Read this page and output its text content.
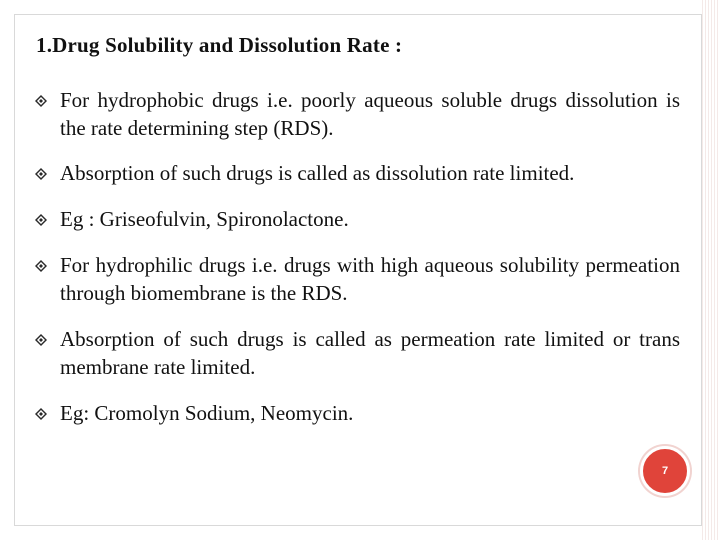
1.Drug Solubility and Dissolution Rate :
For hydrophobic drugs i.e. poorly aqueous soluble drugs dissolution is the rate determining step (RDS).
Absorption of such drugs is called as dissolution rate limited.
Eg : Griseofulvin, Spironolactone.
For hydrophilic drugs i.e. drugs with high aqueous solubility permeation through biomembrane is the RDS.
Absorption of such drugs is called as permeation rate limited or trans membrane rate limited.
Eg: Cromolyn Sodium, Neomycin.
7
